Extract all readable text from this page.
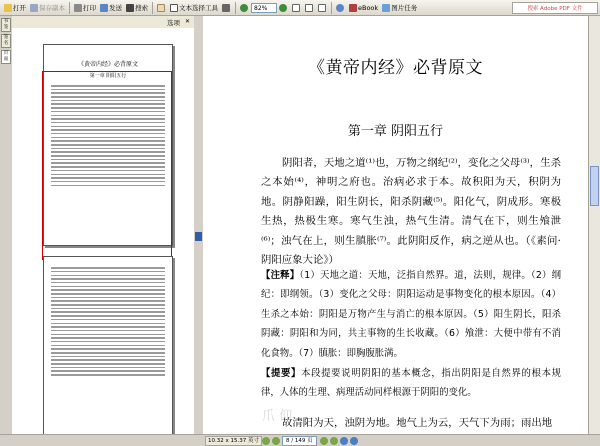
打开 保存副本	打印 发送 搜索	文本选择工具	82%	eBook 图片任务	搜索 Adobe PDF 文件
书签
签名
页面
选项 ✕
《黄帝内经》必背原文
第一章 阴阳五行	《黄帝内经》必背原文
第一章 阴阳五行
阴阳者，天地之道⁽¹⁾也，万物之纲纪⁽²⁾，变化之父母⁽³⁾，生杀之本始⁽⁴⁾，神明之府也。治病必求于本。故积阳为天，积阴为地。阴静阳躁，阳生阴长，阳杀阴藏⁽⁵⁾。阳化气，阴成形。寒极生热，热极生寒。寒气生浊，热气生清。清气在下，则生飧泄⁽⁶⁾；浊气在上，则生䐜胀⁽⁷⁾。此阴阳反作，病之逆从也。（《素问·阴阳应象大论》）
【注释】（1）天地之道：天地，泛指自然界。道，法则，规律。（2）纲纪：即纲领。（3）变化之父母：阴阳运动是事物变化的根本原因。（4）生杀之本始：阴阳是万物产生与消亡的根本原因。（5）阳生阴长，阳杀阴藏：阴阳和为同，共主事物的生长收藏。（6）飧泄：大便中带有不消化食物。（7）䐜胀：即胸腹胀满。
【提要】本段提要说明阴阳的基本概念，指出阴阳是自然界的根本规律，人体的生理、病理活动同样根源于阴阳的变化。
故清阳为天，浊阴为地。地气上为云，天气下为雨；雨出地
爪 仰
10.32 x 15.37 英寸	8 / 149 页
